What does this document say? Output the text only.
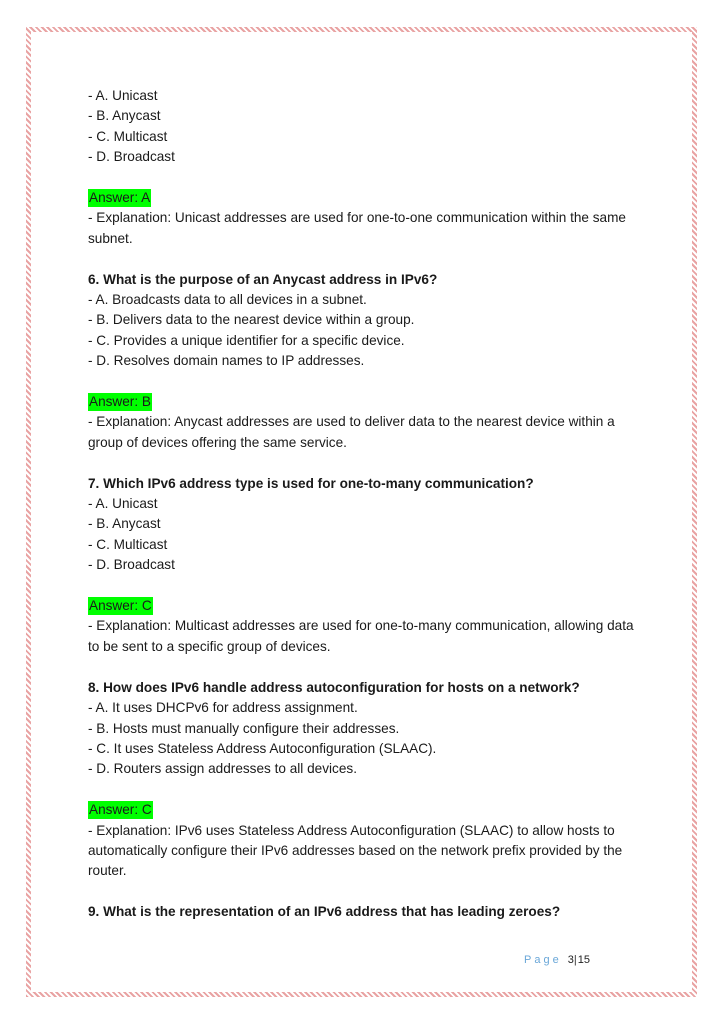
- A. Unicast
- B. Anycast
- C. Multicast
- D. Broadcast
Answer: A
- Explanation: Unicast addresses are used for one-to-one communication within the same subnet.
6. What is the purpose of an Anycast address in IPv6?
- A. Broadcasts data to all devices in a subnet.
- B. Delivers data to the nearest device within a group.
- C. Provides a unique identifier for a specific device.
- D. Resolves domain names to IP addresses.
Answer: B
- Explanation: Anycast addresses are used to deliver data to the nearest device within a group of devices offering the same service.
7. Which IPv6 address type is used for one-to-many communication?
- A. Unicast
- B. Anycast
- C. Multicast
- D. Broadcast
Answer: C
- Explanation: Multicast addresses are used for one-to-many communication, allowing data to be sent to a specific group of devices.
8. How does IPv6 handle address autoconfiguration for hosts on a network?
- A. It uses DHCPv6 for address assignment.
- B. Hosts must manually configure their addresses.
- C. It uses Stateless Address Autoconfiguration (SLAAC).
- D. Routers assign addresses to all devices.
Answer: C
- Explanation: IPv6 uses Stateless Address Autoconfiguration (SLAAC) to allow hosts to automatically configure their IPv6 addresses based on the network prefix provided by the router.
9. What is the representation of an IPv6 address that has leading zeroes?
Page 3|15
